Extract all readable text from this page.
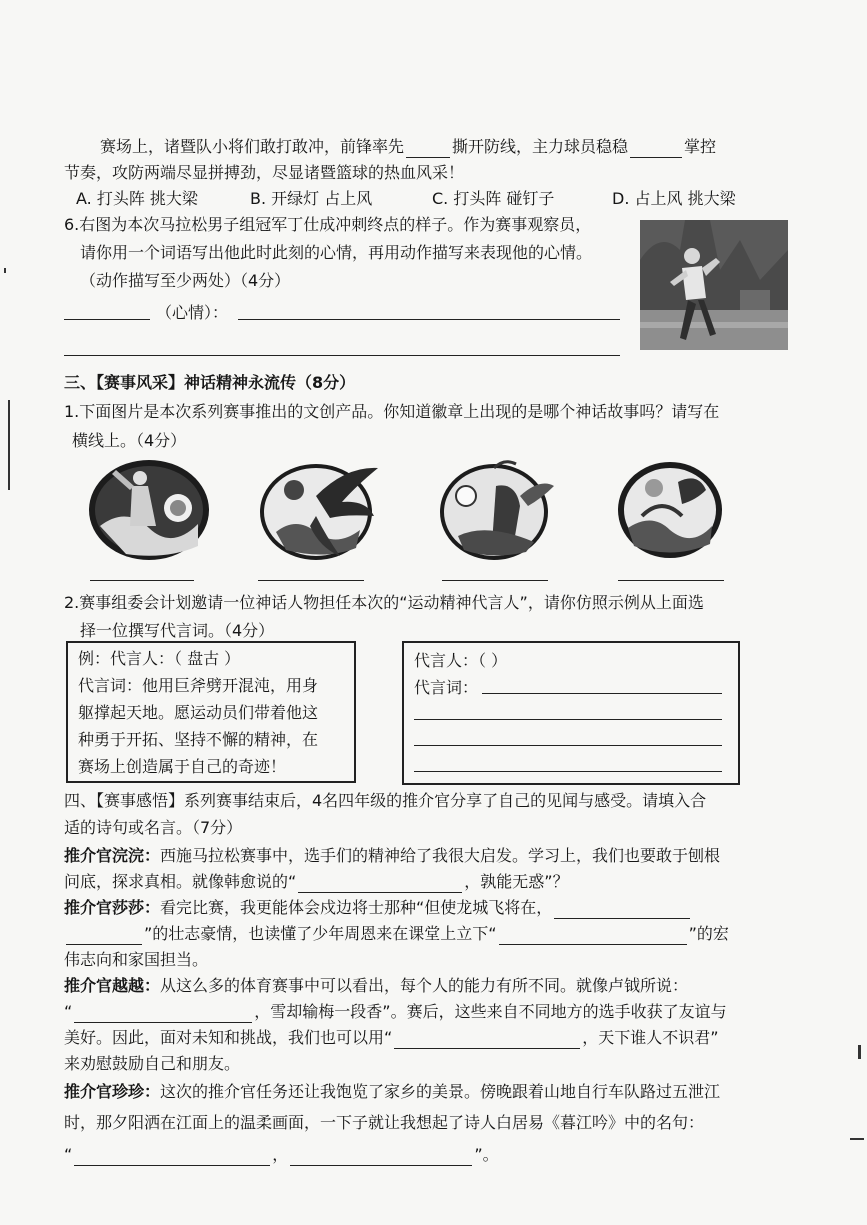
赛场上，诸暨队小将们敢打敢冲，前锋率先	撕开防线，主力球员稳稳	掌控
节奏，攻防两端尽显拼搏劲，尽显诸暨篮球的热血风采！
A. 打头阵 挑大梁	B. 开绿灯 占上风	C. 打头阵 碰钉子	D. 占上风 挑大梁
6.右图为本次马拉松男子组冠军丁仕成冲刺终点的样子。作为赛事观察员，
请你用一个词语写出他此时此刻的心情，再用动作描写来表现他的心情。
（动作描写至少两处）（4分）
（心情）：
三、【赛事风采】神话精神永流传（8分）
1.下面图片是本次系列赛事推出的文创产品。你知道徽章上出现的是哪个神话故事吗？请写在
横线上。（4分）
2.赛事组委会计划邀请一位神话人物担任本次的“运动精神代言人”，请你仿照示例从上面选
择一位撰写代言词。（4分）
例：代言人：（ 盘古 ）
代言词：他用巨斧劈开混沌，用身
躯撑起天地。愿运动员们带着他这
种勇于开拓、坚持不懈的精神，在
赛场上创造属于自己的奇迹！
代言人：（ ）
代言词：
四、【赛事感悟】系列赛事结束后，4名四年级的推介官分享了自己的见闻与感受。请填入合
适的诗句或名言。（7分）
推介官浣浣：西施马拉松赛事中，选手们的精神给了我很大启发。学习上，我们也要敢于刨根
问底，探求真相。就像韩愈说的“	，孰能无惑”？
推介官莎莎：看完比赛，我更能体会戍边将士那种“但使龙城飞将在，
”的壮志豪情，也读懂了少年周恩来在课堂上立下“	”的宏
伟志向和家国担当。
推介官越越：从这么多的体育赛事中可以看出，每个人的能力有所不同。就像卢钺所说：
“	，雪却输梅一段香”。赛后，这些来自不同地方的选手收获了友谊与
美好。因此，面对未知和挑战，我们也可以用“	，天下谁人不识君”
来劝慰鼓励自己和朋友。
推介官珍珍：这次的推介官任务还让我饱览了家乡的美景。傍晚跟着山地自行车队路过五泄江
时，那夕阳洒在江面上的温柔画面，一下子就让我想起了诗人白居易《暮江吟》中的名句：
“	，	”。
